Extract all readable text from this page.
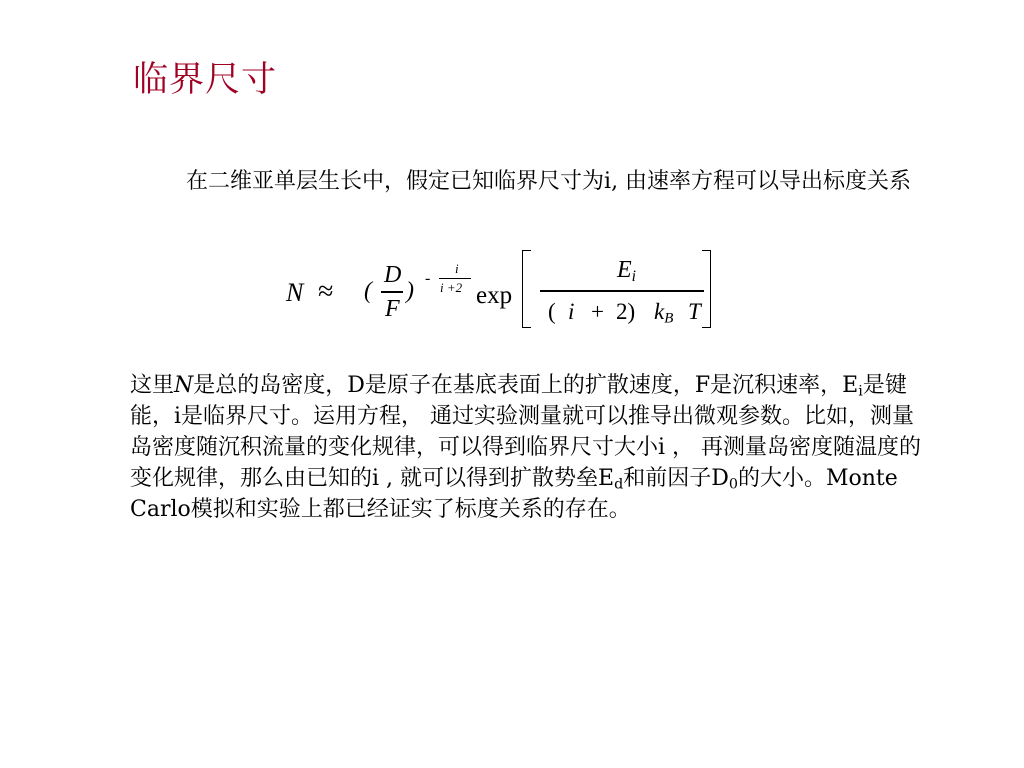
临界尺寸
在二维亚单层生长中，假定已知临界尺寸为i, 由速率方程可以导出标度关系
N ≈ (
D
F
) -
i
i +2 exp
$E_i$
( i + 2) $k_B$ T
这里N是总的岛密度，D是原子在基底表面上的扩散速度，F是沉积速率，$E_i$是键能，i是临界尺寸。运用方程， 通过实验测量就可以推导出微观参数。比如，测量岛密度随沉积流量的变化规律，可以得到临界尺寸大小i ， 再测量岛密度随温度的变化规律，那么由已知的i , 就可以得到扩散势垒$E_d$和前因子$D_0$的大小。Monte Carlo模拟和实验上都已经证实了标度关系的存在。
